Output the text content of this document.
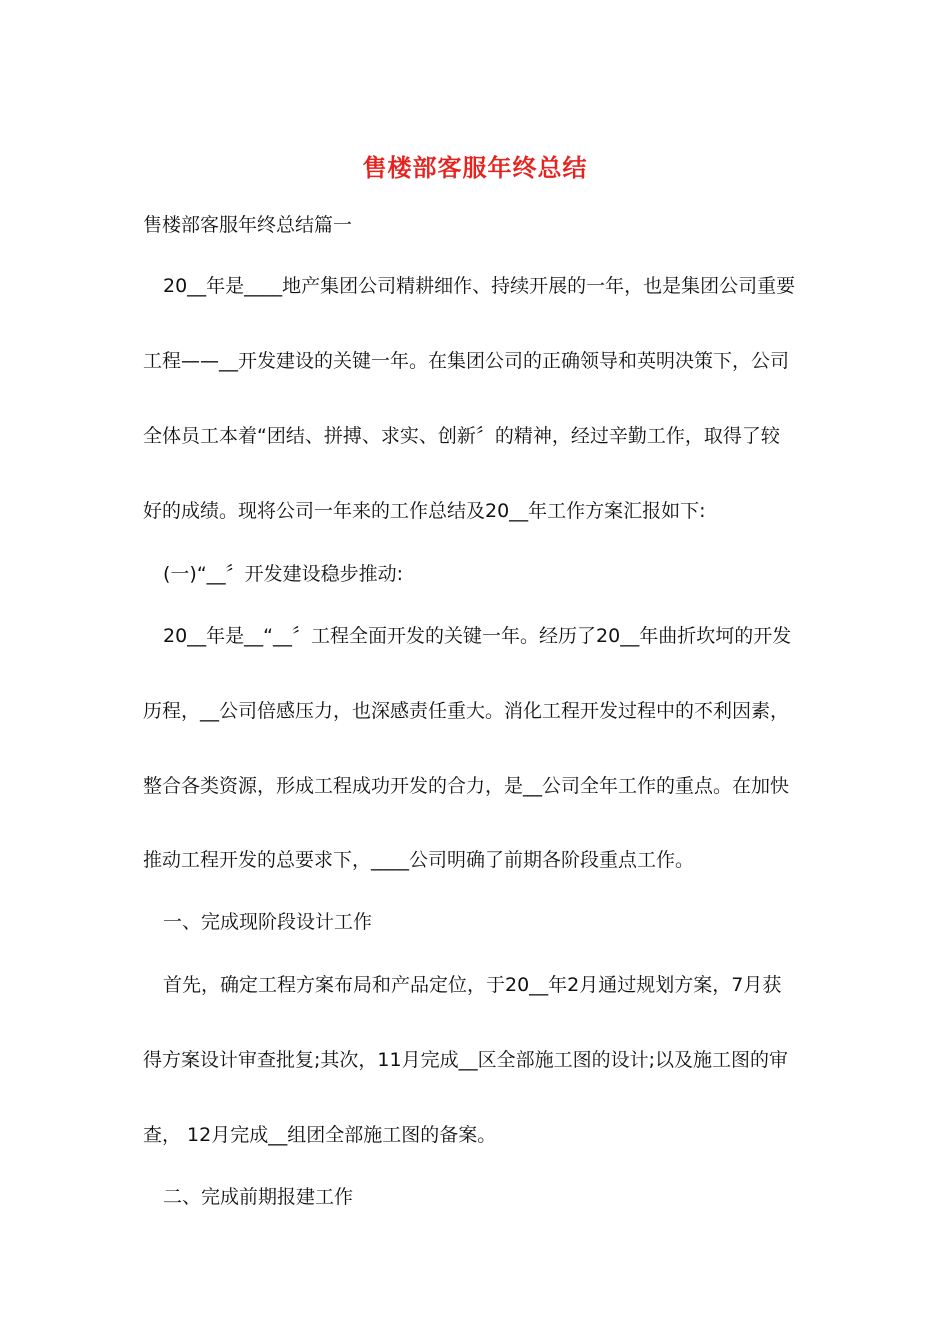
售楼部客服年终总结
售楼部客服年终总结篇一
20__年是____地产集团公司精耕细作、持续开展的一年，也是集团公司重要
工程——__开发建设的关键一年。在集团公司的正确领导和英明决策下，公司
全体员工本着“团结、拼搏、求实、创新〞的精神，经过辛勤工作，取得了较
好的成绩。现将公司一年来的工作总结及20__年工作方案汇报如下:
(一)“__〞开发建设稳步推动:
20__年是__“__〞工程全面开发的关键一年。经历了20__年曲折坎坷的开发
历程，__公司倍感压力，也深感责任重大。消化工程开发过程中的不利因素，
整合各类资源，形成工程成功开发的合力，是__公司全年工作的重点。在加快
推动工程开发的总要求下，____公司明确了前期各阶段重点工作。
一、完成现阶段设计工作
首先，确定工程方案布局和产品定位，于20__年2月通过规划方案，7月获
得方案设计审查批复;其次，11月完成__区全部施工图的设计;以及施工图的审
查， 12月完成__组团全部施工图的备案。
二、完成前期报建工作
